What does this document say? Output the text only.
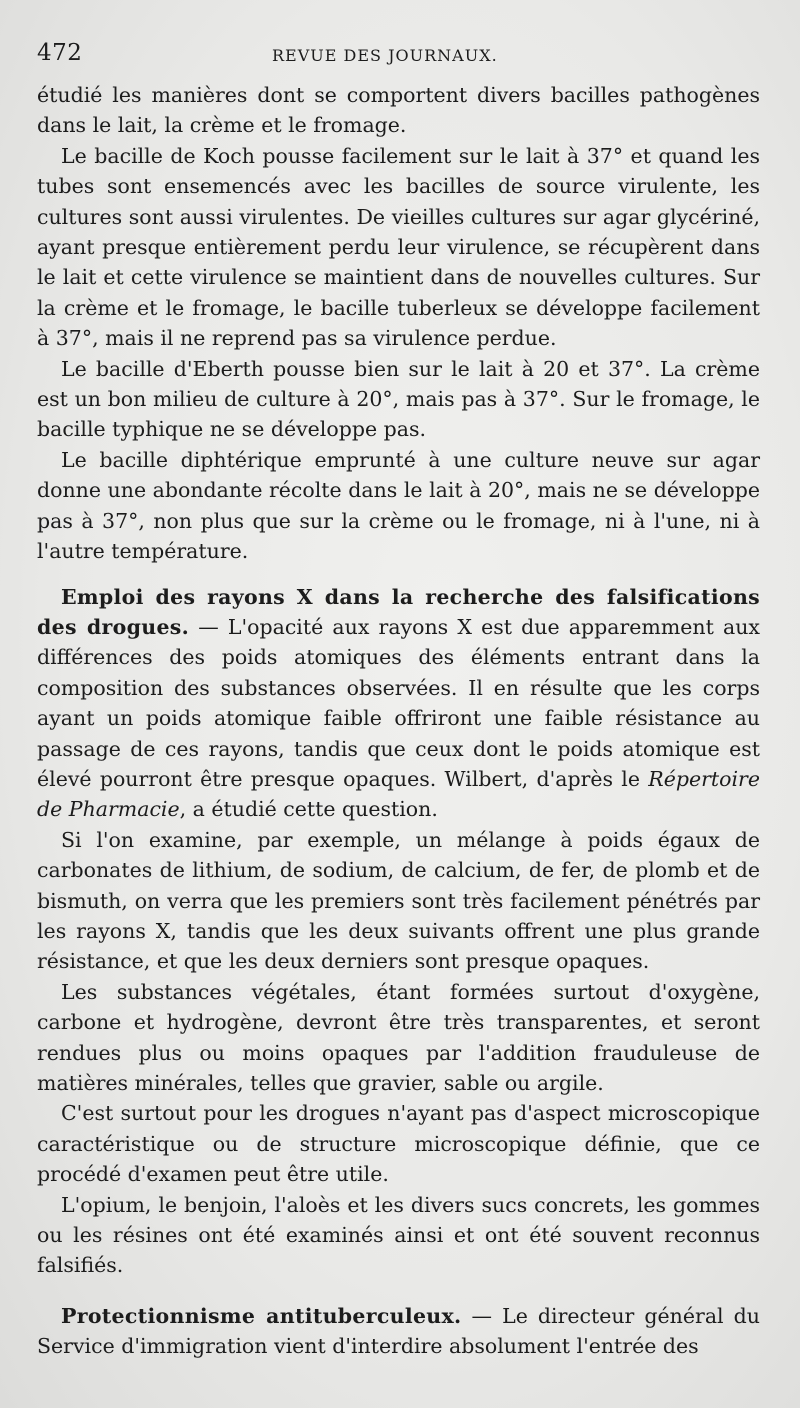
472	REVUE DES JOURNAUX.

étudié les manières dont se comportent divers bacilles pathogènes dans le lait, la crème et le fromage.

Le bacille de Koch pousse facilement sur le lait à 37° et quand les tubes sont ensemencés avec les bacilles de source virulente, les cultures sont aussi virulentes. De vieilles cultures sur agar glycériné, ayant presque entièrement perdu leur virulence, se récupèrent dans le lait et cette virulence se maintient dans de nouvelles cultures. Sur la crème et le fromage, le bacille tuberleux se développe facilement à 37°, mais il ne reprend pas sa virulence perdue.

Le bacille d'Eberth pousse bien sur le lait à 20 et 37°. La crème est un bon milieu de culture à 20°, mais pas à 37°. Sur le fromage, le bacille typhique ne se développe pas.

Le bacille diphtérique emprunté à une culture neuve sur agar donne une abondante récolte dans le lait à 20°, mais ne se développe pas à 37°, non plus que sur la crème ou le fromage, ni à l'une, ni à l'autre température.

Emploi des rayons X dans la recherche des falsifications des drogues. — L'opacité aux rayons X est due apparemment aux différences des poids atomiques des éléments entrant dans la composition des substances observées. Il en résulte que les corps ayant un poids atomique faible offriront une faible résistance au passage de ces rayons, tandis que ceux dont le poids atomique est élevé pourront être presque opaques. Wilbert, d'après le Répertoire de Pharmacie, a étudié cette question.

Si l'on examine, par exemple, un mélange à poids égaux de carbonates de lithium, de sodium, de calcium, de fer, de plomb et de bismuth, on verra que les premiers sont très facilement pénétrés par les rayons X, tandis que les deux suivants offrent une plus grande résistance, et que les deux derniers sont presque opaques.

Les substances végétales, étant formées surtout d'oxygène, carbone et hydrogène, devront être très transparentes, et seront rendues plus ou moins opaques par l'addition frauduleuse de matières minérales, telles que gravier, sable ou argile.

C'est surtout pour les drogues n'ayant pas d'aspect microscopique caractéristique ou de structure microscopique définie, que ce procédé d'examen peut être utile.

L'opium, le benjoin, l'aloès et les divers sucs concrets, les gommes ou les résines ont été examinés ainsi et ont été souvent reconnus falsifiés.

Protectionnisme antituberculeux. — Le directeur général du Service d'immigration vient d'interdire absolument l'entrée des
